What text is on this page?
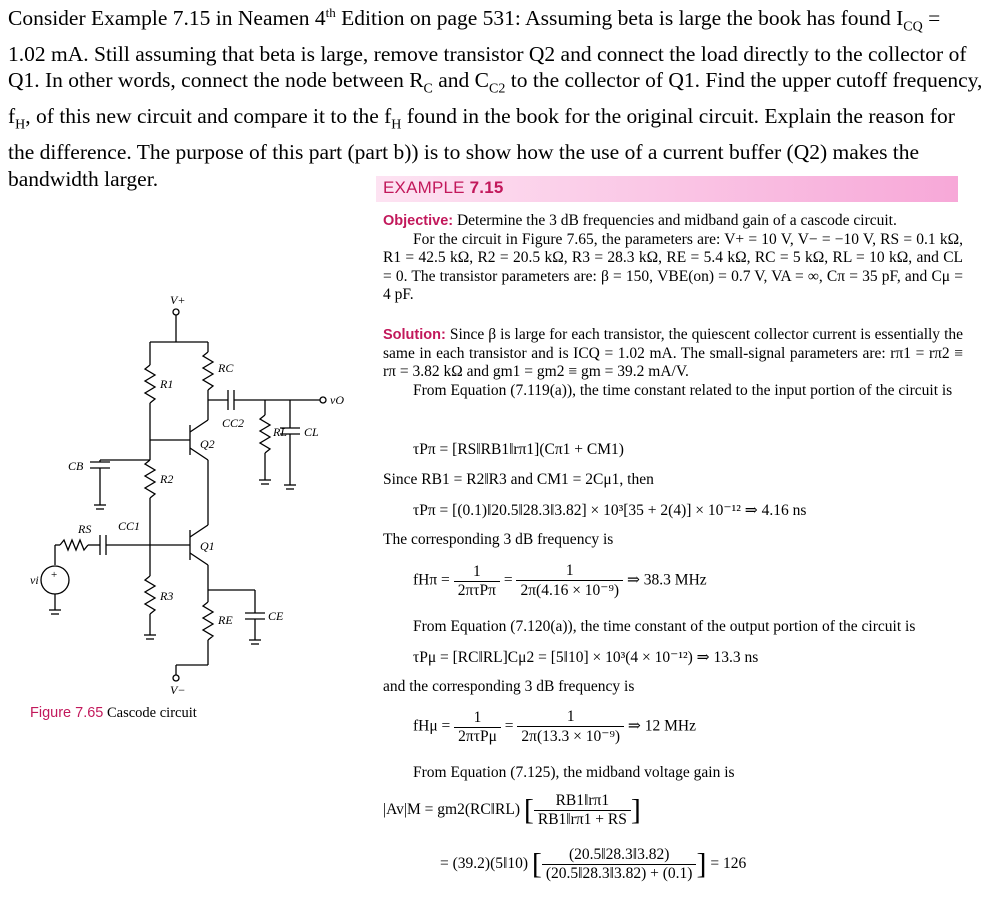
Consider Example 7.15 in Neamen 4th Edition on page 531: Assuming beta is large the book has found $I_{CQ} = 1.02$ mA. Still assuming that beta is large, remove transistor Q2 and connect the load directly to the collector of Q1. In other words, connect the node between $R_C$ and $C_{C2}$ to the collector of Q1. Find the upper cutoff frequency, $f_H$, of this new circuit and compare it to the $f_H$ found in the book for the original circuit. Explain the reason for the difference. The purpose of this part (part b)) is to show how the use of a current buffer (Q2) makes the bandwidth larger.	EXAMPLE 7.15
Objective: Determine the 3 dB frequencies and midband gain of a cascode circuit.
For the circuit in Figure 7.65, the parameters are: V+ = 10 V, V− = −10 V, RS = 0.1 kΩ, R1 = 42.5 kΩ, R2 = 20.5 kΩ, R3 = 28.3 kΩ, RE = 5.4 kΩ, RC = 5 kΩ, RL = 10 kΩ, and CL = 0. The transistor parameters are: β = 150, VBE(on) = 0.7 V, VA = ∞, Cπ = 35 pF, and Cμ = 4 pF.
Solution: Since β is large for each transistor, the quiescent collector current is essentially the same in each transistor and is ICQ = 1.02 mA. The small-signal parameters are: rπ1 = rπ2 ≡ rπ = 3.82 kΩ and gm1 = gm2 ≡ gm = 39.2 mA/V.
From Equation (7.119(a)), the time constant related to the input portion of the circuit is
τPπ = [RS‖RB1‖rπ1](Cπ1 + CM1)
Since RB1 = R2‖R3 and CM1 = 2Cμ1, then
τPπ = [(0.1)‖20.5‖28.3‖3.82] × 10³[35 + 2(4)] × 10⁻¹² ⇒ 4.16 ns
The corresponding 3 dB frequency is
$fH\pi = \frac{1}{\text{2πτPπ}} = \frac{1}{\text{2π(4.16 × 10⁻⁹)}}$ ⇒ 38.3 MHz
From Equation (7.120(a)), the time constant of the output portion of the circuit is
τPμ = [RC‖RL]Cμ2 = [5‖10] × 10³(4 × 10⁻¹²) ⇒ 13.3 ns
and the corresponding 3 dB frequency is
$fH\mu = \frac{1}{\text{2πτPμ}} = \frac{1}{\text{2π(13.3 × 10⁻⁹)}}$ ⇒ 12 MHz
From Equation (7.125), the midband voltage gain is
|Av|M = gm2(RC‖RL) [ $\frac{RB1‖r\pi 1}{RB1‖r\pi 1 + RS}$ ]
= (39.2)(5‖10) [ $\frac{(20.5‖28.3‖3.82)}{(20.5‖28.3‖3.82) + (0.1)}$ ] = 126
V+
RC
R1
CC2
Q2
RL CL
vO
CB
R2
RS CC1
Q1
vi +
R3
RE	CE
V−
Figure 7.65 Cascode circuit
